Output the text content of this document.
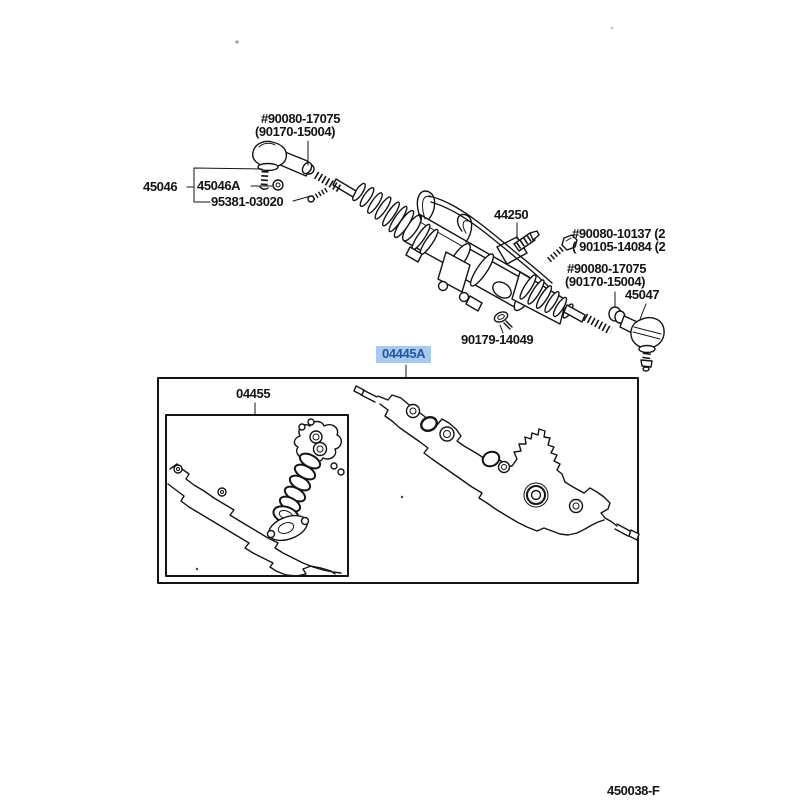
#90080-17075
(90170-15004)
45046 45046A
95381-03020
44250
#90080-10137 (2
( 90105-14084 (2
#90080-17075
(90170-15004)
45047
90179-14049
04445A
04455
450038-F
